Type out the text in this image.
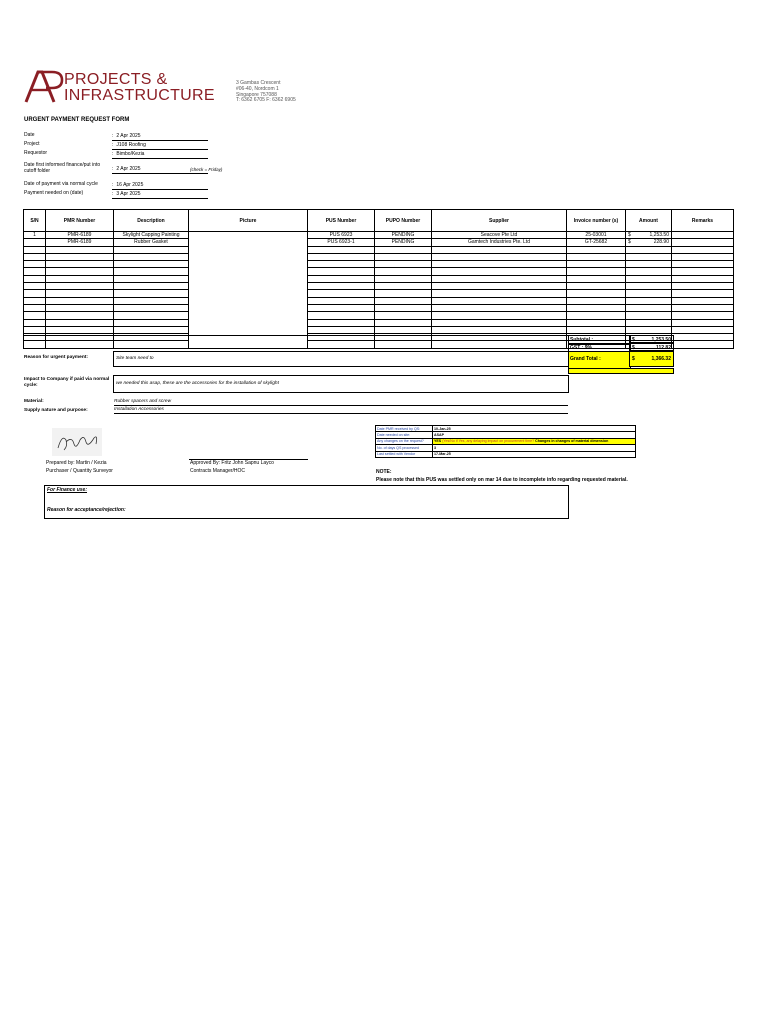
PROJECTS &
INFRASTRUCTURE
3 Gambas Crescent
#06-40, Nordcom 1
Singapore 757088
T: 6362 6705 F: 6362 6905
URGENT PAYMENT REQUEST FORM
Date	: 2 Apr 2025
Project	: J108 Roofing
Requestor	: Bimbo/Kezia
Date first informed finance/put into cutoff folder	: 2 Apr 2025	(check = Friday)
Date of payment via normal cycle	: 16 Apr 2025
Payment needed on (date)	: 3 Apr 2025
S/N	PMR Number	Description	Picture	PUS Number	PUPO Number	Supplier	Invoice number (s)	Amount	Remarks
1	PMR-6189	Skylight Capping Painting		PUS 6923	PENDING	Seacove Pte Ltd	25-03001	$ 1,253.50	

	PMR-6189	Rubber Gasket		PUS 6923-1	PENDING	Gamtech Industries Pte. Ltd	GT-25682	$ 228.90	

Subtotal :	$	1,253.50
GST : 9%	$	112.82
Grand Total :	$	1,366.32
Reason for urgent payment:	Site team need to
Impact to Company if paid via normal cycle:	we needed this asap, these are the accessories for the installation of skylight
Material:	Rubber spacers and screw
Supply nature and purpose:	Installation Accessories
Date PMR received by QS:	10-Jan-25
Date needed on site:	ASAP
Any changes on the request?	YES (Yes/No if Yes, any delaying impact on procurement time? Changes in changes of material dimension
No. of days QS processed	3
Last settled with Vendor	17-Mar-25
NOTE:
Please note that this PUS was settled only on mar 14 due to incomplete info regarding requested material.
Prepared by: Martin / Kezia
Purchaser / Quantity Surveyor
Approved By: Fritz John Sapnu Layco
Contracts Manager/HOC
For Finance use:
Reason for acceptance/rejection:
